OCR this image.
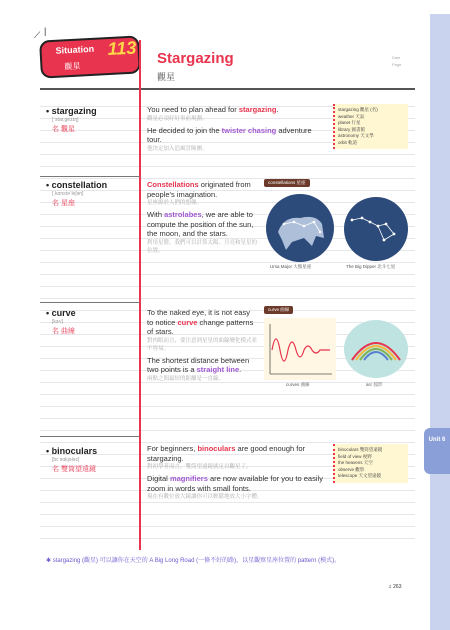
Unit 6
⟋ |
Situation 113
觀星	Stargazing
觀星
Date
Page
• stargazing
[ˈstar,gezɪŋ]
名 觀星
• constellation
[ˌkɑnstəˈleʃən]
名 星座
• curve
[kɝv]
名 曲線
• binoculars
[bɪˈnɑkjələz]
名 雙筒望遠鏡
You need to plan ahead for stargazing.
觀星必須好好事前規劃。
He decided to join the twister chasing adventure tour.
他決定加入追風冒險團。
stargazing 觀星 (名)
weather 天氣
planet 行星
library 圖書館
astronomy 天文學
orbit 軌道
Constellations originated from people's imagination.
星座源於人們的想像。
With astrolabes, we are able to compute the position of the sun, the moon, and the stars.
利用星盤，我們可以計算太陽、月亮和星星的位置。
constellations 星座
Ursa Major 大熊星座	The Big Dipper 北斗七星
To the naked eye, it is not easy to notice curve change patterns of stars.
對肉眼而言，要注意到星星的曲線變化模式並不容易。
The shortest distance between two points is a straight line.
兩點之間最短的距離是一直線。
curve 曲線
curves 曲線	arc 弧形
For beginners, binoculars are good enough for stargazing.
對初學者而言，雙筒望遠鏡就足以觀星了。
Digital magnifiers are now available for you to easily zoom in words with small fonts.
現在有數位放大鏡讓你可以輕鬆地放大小字體。
binoculars 雙筒望遠鏡
field of view 視野
the heavens 天空
observe 觀察
telescope 天文望遠鏡
✱ stargazing (觀星) 可以讓你在天空的 A Big Long Road (一條不好的路)，以星觀察星座位置的 pattern (模式)。
♫ 263
